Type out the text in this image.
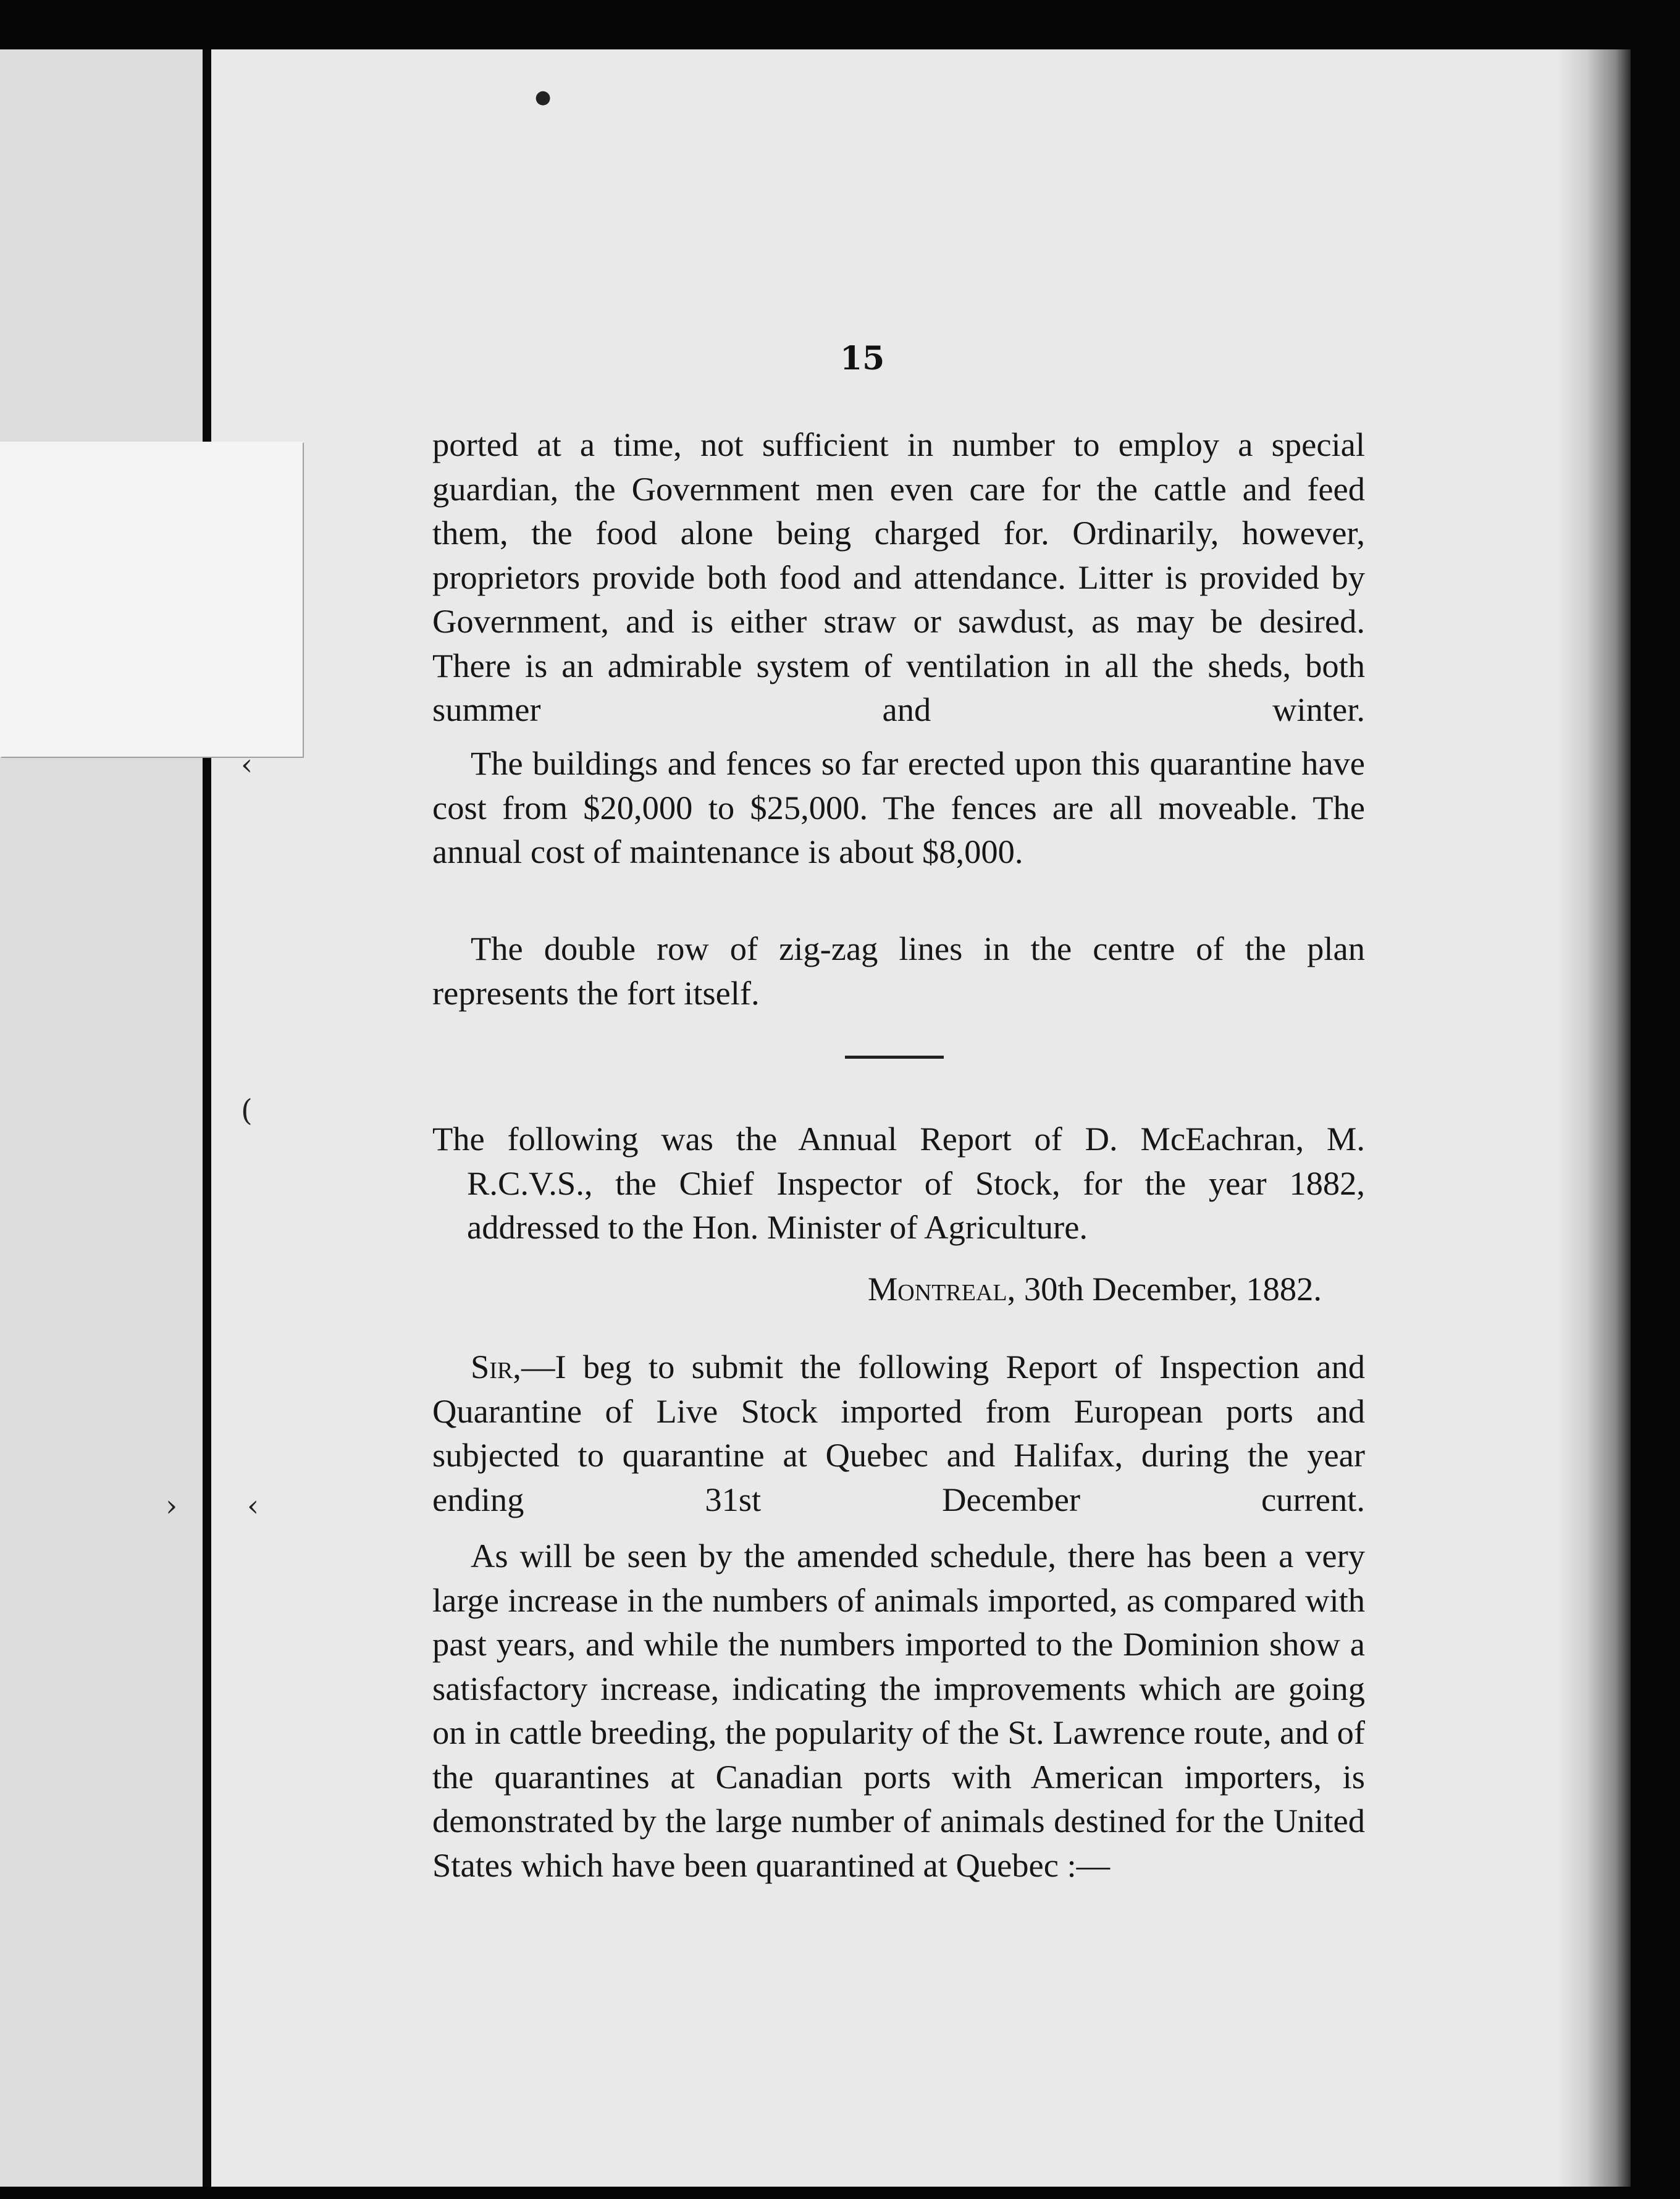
●
‹
(
› ‹
15
ported at a time, not sufficient in number to employ a special guardian, the Government men even care for the cattle and feed them, the food alone being charged for. Ordinarily, however, proprietors provide both food and attendance. Litter is provided by Government, and is either straw or sawdust, as may be desired. There is an admirable system of ventilation in all the sheds, both summer and winter.
The buildings and fences so far erected upon this quarantine have cost from $20,000 to $25,000. The fences are all moveable. The annual cost of maintenance is about $8,000.
The double row of zig-zag lines in the centre of the plan represents the fort itself.
The following was the Annual Report of D. McEachran, M. R.C.V.S., the Chief Inspector of Stock, for the year 1882, addressed to the Hon. Minister of Agriculture.
Montreal, 30th December, 1882.
Sir,—I beg to submit the following Report of Inspection and Quarantine of Live Stock imported from European ports and subjected to quarantine at Quebec and Halifax, during the year ending 31st December current.
As will be seen by the amended schedule, there has been a very large increase in the numbers of animals imported, as compared with past years, and while the numbers imported to the Dominion show a satisfactory increase, indicating the improvements which are going on in cattle breeding, the popularity of the St. Lawrence route, and of the quarantines at Canadian ports with American importers, is demonstrated by the large number of animals destined for the United States which have been quarantined at Quebec :—
